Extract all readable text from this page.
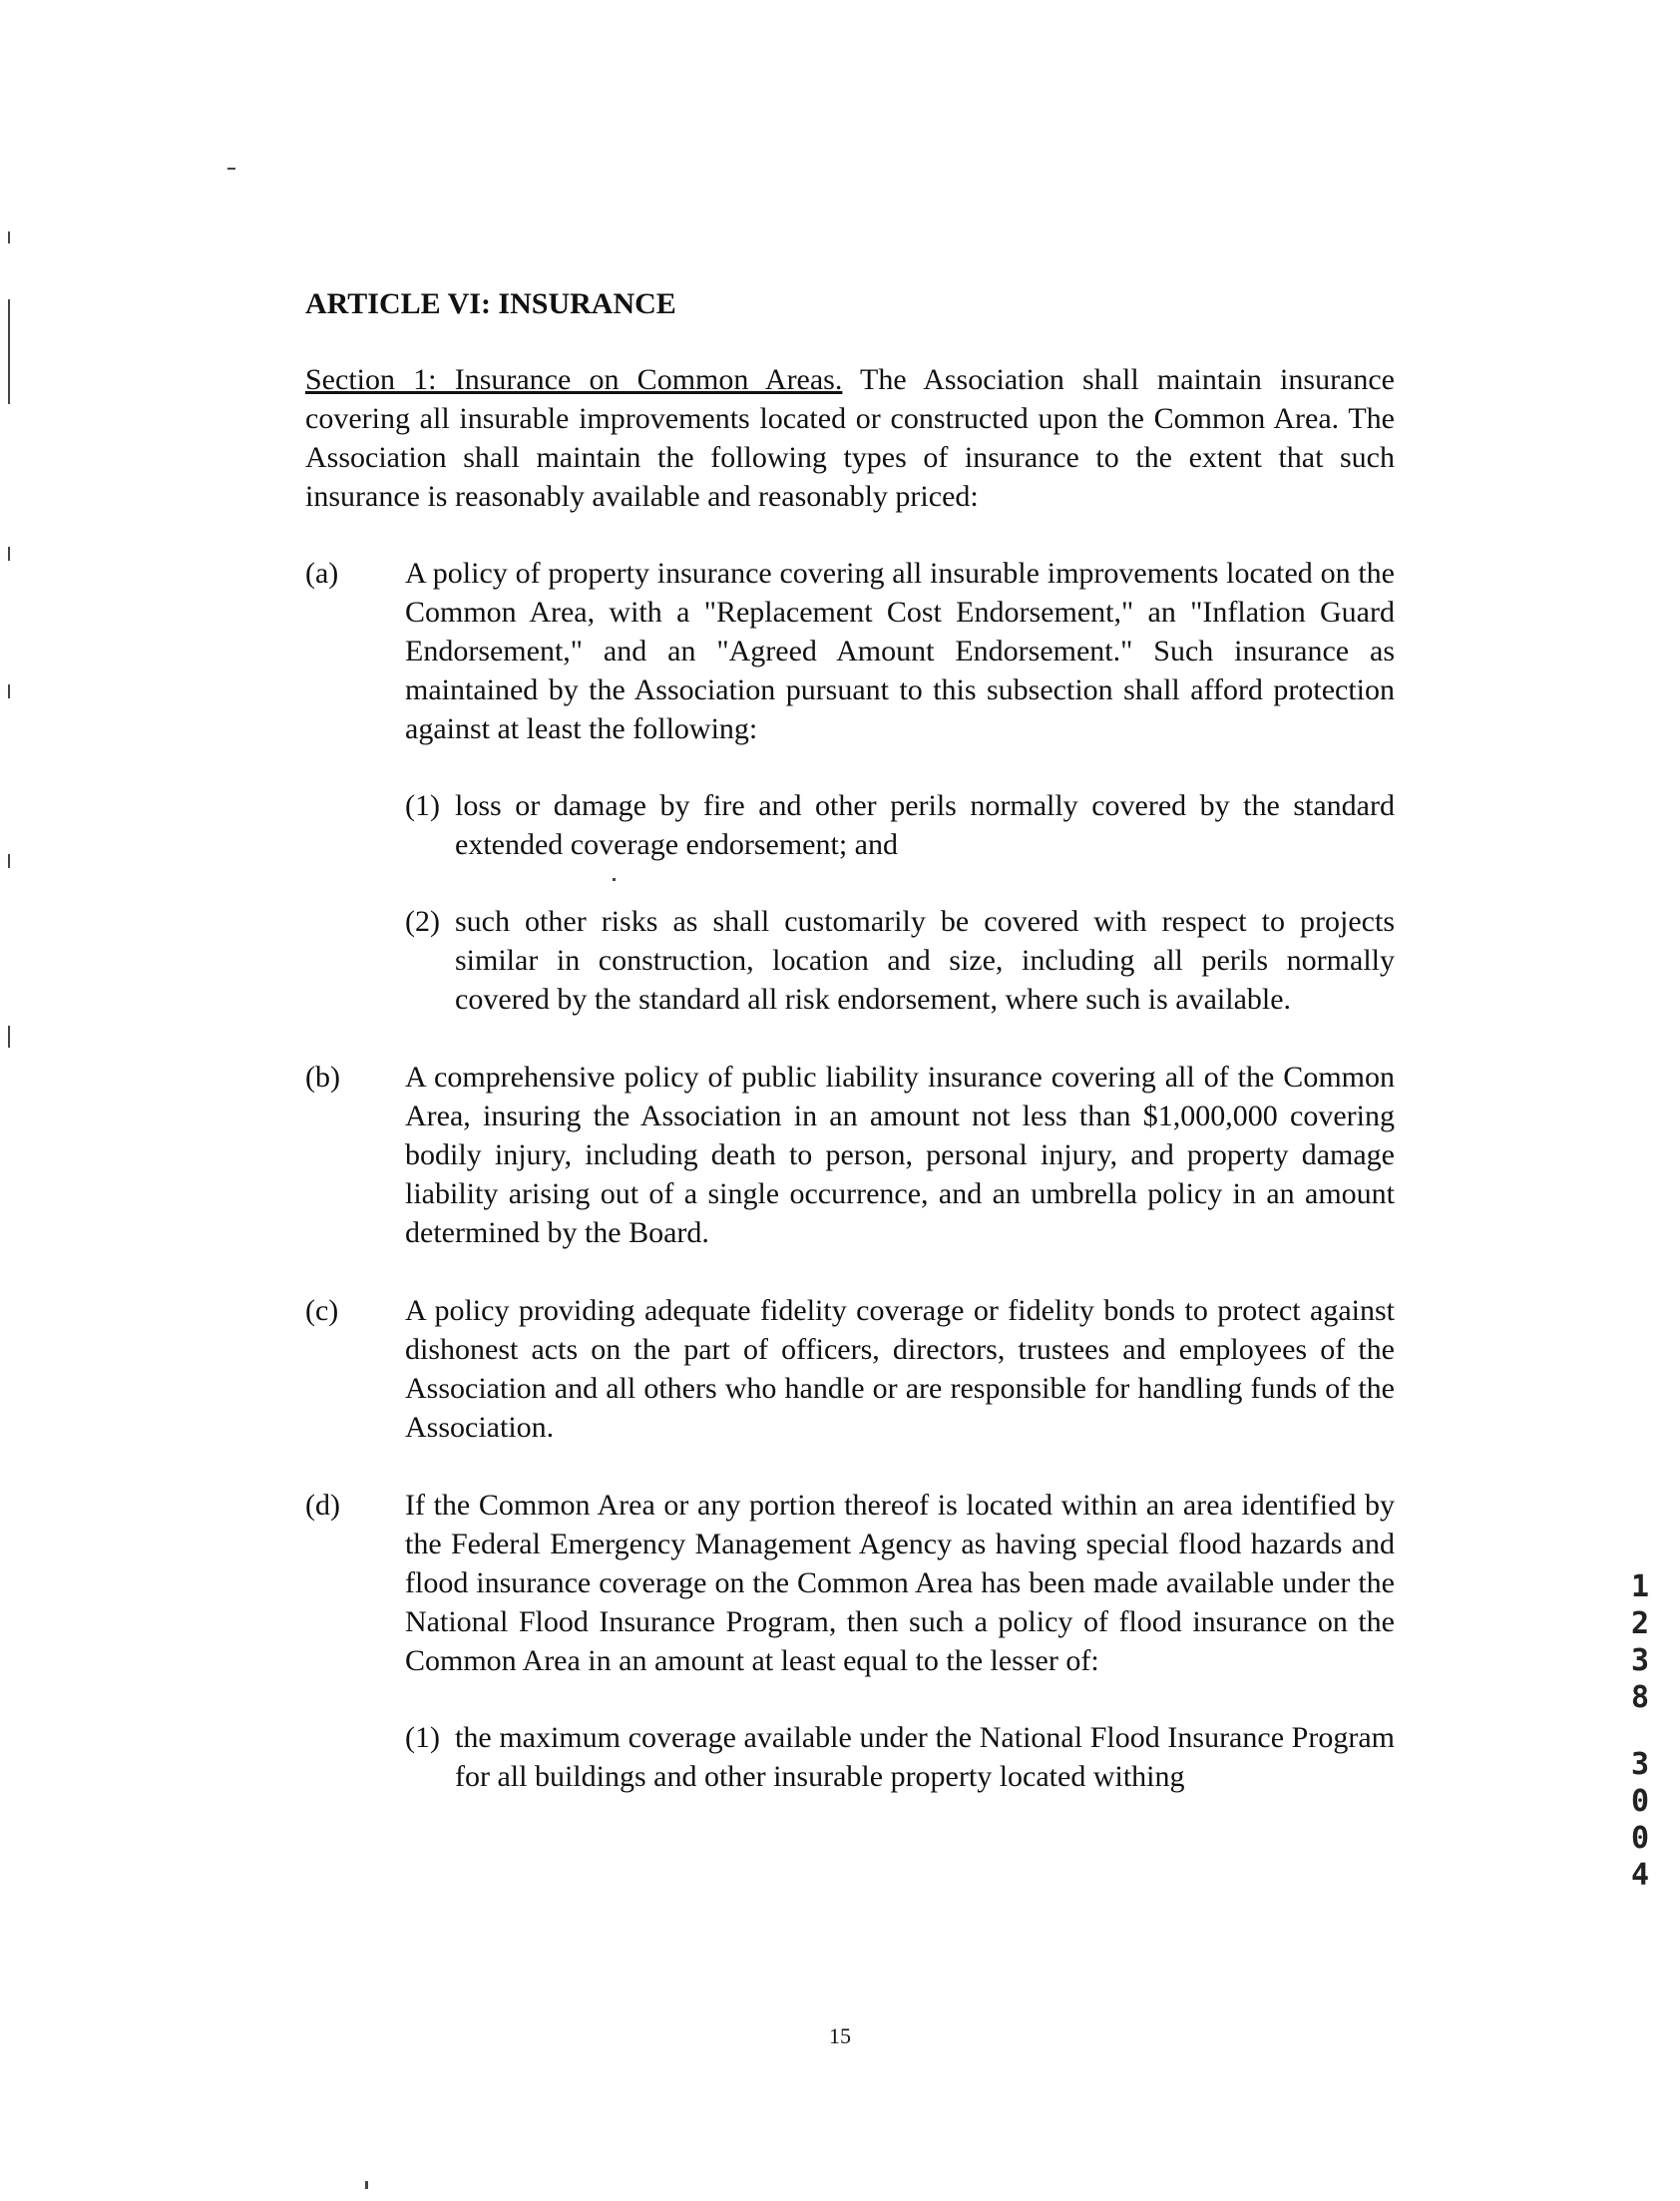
ARTICLE VI: INSURANCE

Section 1: Insurance on Common Areas. The Association shall maintain insurance covering all insurable improvements located or constructed upon the Common Area. The Association shall maintain the following types of insurance to the extent that such insurance is reasonably available and reasonably priced:

(a) A policy of property insurance covering all insurable improvements located on the Common Area, with a "Replacement Cost Endorsement," an "Inflation Guard Endorsement," and an "Agreed Amount Endorsement." Such insurance as maintained by the Association pursuant to this subsection shall afford protection against at least the following:
(1) loss or damage by fire and other perils normally covered by the standard extended coverage endorsement; and
(2) such other risks as shall customarily be covered with respect to projects similar in construction, location and size, including all perils normally covered by the standard all risk endorsement, where such is available.
(b) A comprehensive policy of public liability insurance covering all of the Common Area, insuring the Association in an amount not less than $1,000,000 covering bodily injury, including death to person, personal injury, and property damage liability arising out of a single occurrence, and an umbrella policy in an amount determined by the Board.
(c) A policy providing adequate fidelity coverage or fidelity bonds to protect against dishonest acts on the part of officers, directors, trustees and employees of the Association and all others who handle or are responsible for handling funds of the Association.
(d) If the Common Area or any portion thereof is located within an area identified by the Federal Emergency Management Agency as having special flood hazards and flood insurance coverage on the Common Area has been made available under the National Flood Insurance Program, then such a policy of flood insurance on the Common Area in an amount at least equal to the lesser of:
(1) the maximum coverage available under the National Flood Insurance Program for all buildings and other insurable property located withing
15
1
2
3
8
3
0
0
4
